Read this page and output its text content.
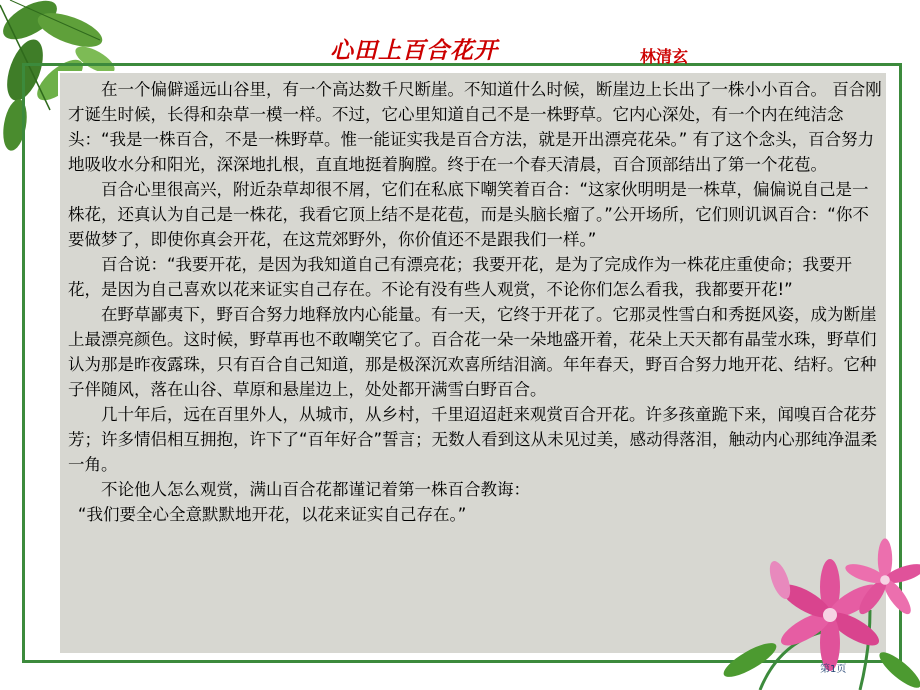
心田上百合花开	林清玄

在一个偏僻遥远山谷里，有一个高达数千尺断崖。不知道什么时候，断崖边上长出了一株小小百合。 百合刚才诞生时候，长得和杂草一模一样。不过，它心里知道自己不是一株野草。它内心深处，有一个内在纯洁念头：“我是一株百合，不是一株野草。惟一能证实我是百合方法，就是开出漂亮花朵。” 有了这个念头，百合努力地吸收水分和阳光，深深地扎根，直直地挺着胸膛。终于在一个春天清晨，百合顶部结出了第一个花苞。

百合心里很高兴，附近杂草却很不屑，它们在私底下嘲笑着百合：“这家伙明明是一株草，偏偏说自己是一株花，还真认为自己是一株花，我看它顶上结不是花苞，而是头脑长瘤了。”公开场所，它们则讥讽百合：“你不要做梦了，即使你真会开花，在这荒郊野外，你价值还不是跟我们一样。”

百合说：“我要开花，是因为我知道自己有漂亮花；我要开花，是为了完成作为一株花庄重使命；我要开花，是因为自己喜欢以花来证实自己存在。不论有没有些人观赏，不论你们怎么看我，我都要开花!”

在野草鄙夷下，野百合努力地释放内心能量。有一天，它终于开花了。它那灵性雪白和秀挺风姿，成为断崖上最漂亮颜色。这时候，野草再也不敢嘲笑它了。百合花一朵一朵地盛开着，花朵上天天都有晶莹水珠，野草们认为那是昨夜露珠，只有百合自己知道，那是极深沉欢喜所结泪滴。年年春天，野百合努力地开花、结籽。它种子伴随风，落在山谷、草原和悬崖边上，处处都开满雪白野百合。

几十年后，远在百里外人，从城市，从乡村，千里迢迢赶来观赏百合开花。许多孩童跪下来，闻嗅百合花芬芳；许多情侣相互拥抱，许下了“百年好合”誓言；无数人看到这从未见过美，感动得落泪，触动内心那纯净温柔一角。

不论他人怎么观赏，满山百合花都谨记着第一株百合教诲：

“我们要全心全意默默地开花，以花来证实自己存在。”

第1页
